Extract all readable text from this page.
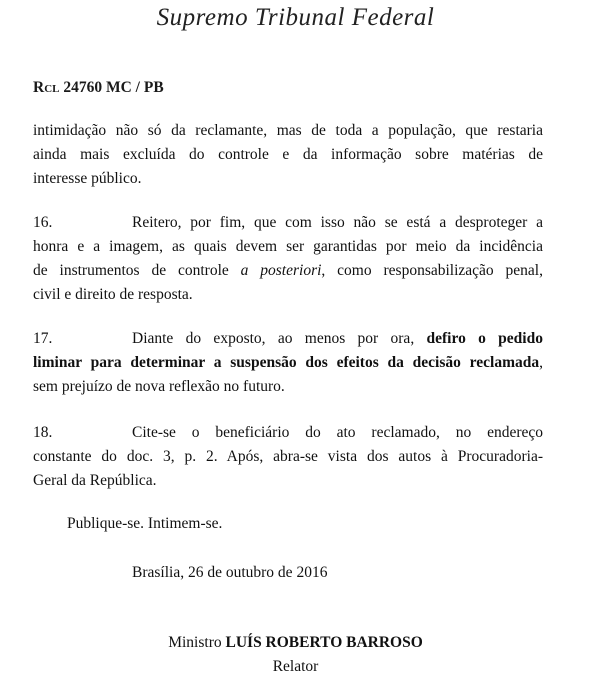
Supremo Tribunal Federal
Rcl 24760 MC / PB
intimidação não só da reclamante, mas de toda a população, que restaria
ainda mais excluída do controle e da informação sobre matérias de
interesse público.
16.	Reitero, por fim, que com isso não se está a desproteger a
honra e a imagem, as quais devem ser garantidas por meio da incidência
de instrumentos de controle a posteriori, como responsabilização penal,
civil e direito de resposta.
17.	Diante do exposto, ao menos por ora, defiro o pedido
liminar para determinar a suspensão dos efeitos da decisão reclamada,
sem prejuízo de nova reflexão no futuro.
18.	Cite-se o beneficiário do ato reclamado, no endereço
constante do doc. 3, p. 2. Após, abra-se vista dos autos à Procuradoria-
Geral da República.
Publique-se. Intimem-se.
Brasília, 26 de outubro de 2016
Ministro LUÍS ROBERTO BARROSO
Relator
